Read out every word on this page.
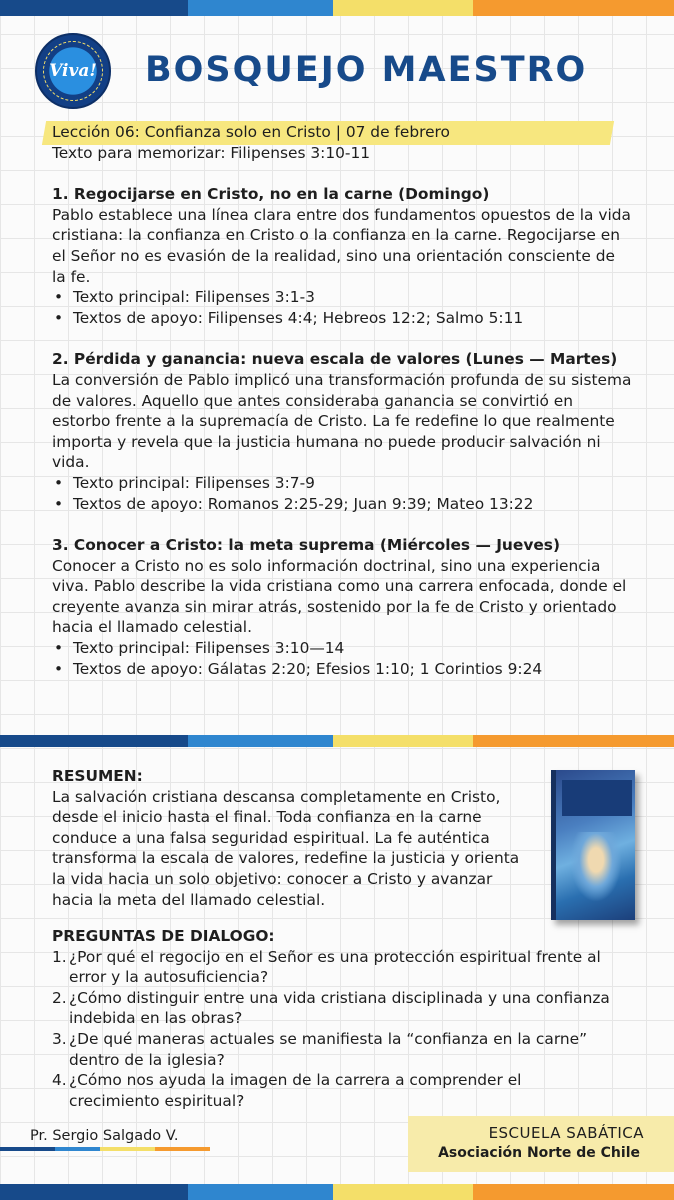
Viva!	BOSQUEJO MAESTRO

Lección 06: Confianza solo en Cristo | 07 de febrero

Texto para memorizar: Filipenses 3:10-11

1. Regocijarse en Cristo, no en la carne (Domingo)

Pablo establece una línea clara entre dos fundamentos opuestos de la vida cristiana: la confianza en Cristo o la confianza en la carne. Regocijarse en el Señor no es evasión de la realidad, sino una orientación consciente de la fe.

• Texto principal: Filipenses 3:1-3
• Textos de apoyo: Filipenses 4:4; Hebreos 12:2; Salmo 5:11
2. Pérdida y ganancia: nueva escala de valores (Lunes — Martes)

La conversión de Pablo implicó una transformación profunda de su sistema de valores. Aquello que antes consideraba ganancia se convirtió en estorbo frente a la supremacía de Cristo. La fe redefine lo que realmente importa y revela que la justicia humana no puede producir salvación ni vida.

• Texto principal: Filipenses 3:7-9
• Textos de apoyo: Romanos 2:25-29; Juan 9:39; Mateo 13:22
3. Conocer a Cristo: la meta suprema (Miércoles — Jueves)

Conocer a Cristo no es solo información doctrinal, sino una experiencia viva. Pablo describe la vida cristiana como una carrera enfocada, donde el creyente avanza sin mirar atrás, sostenido por la fe de Cristo y orientado hacia el llamado celestial.

• Texto principal: Filipenses 3:10—14
• Textos de apoyo: Gálatas 2:20; Efesios 1:10; 1 Corintios 9:24
RESUMEN:

La salvación cristiana descansa completamente en Cristo, desde el inicio hasta el final. Toda confianza en la carne conduce a una falsa seguridad espiritual. La fe auténtica transforma la escala de valores, redefine la justicia y orienta la vida hacia un solo objetivo: conocer a Cristo y avanzar hacia la meta del llamado celestial.

PREGUNTAS DE DIALOGO:
1. ¿Por qué el regocijo en el Señor es una protección espiritual frente al error y la autosuficiencia?
2. ¿Cómo distinguir entre una vida cristiana disciplinada y una confianza indebida en las obras?
3. ¿De qué maneras actuales se manifiesta la “confianza en la carne” dentro de la iglesia?
4. ¿Cómo nos ayuda la imagen de la carrera a comprender el crecimiento espiritual?
Pr. Sergio Salgado V.	ESCUELA SABÁTICA
Asociación Norte de Chile
